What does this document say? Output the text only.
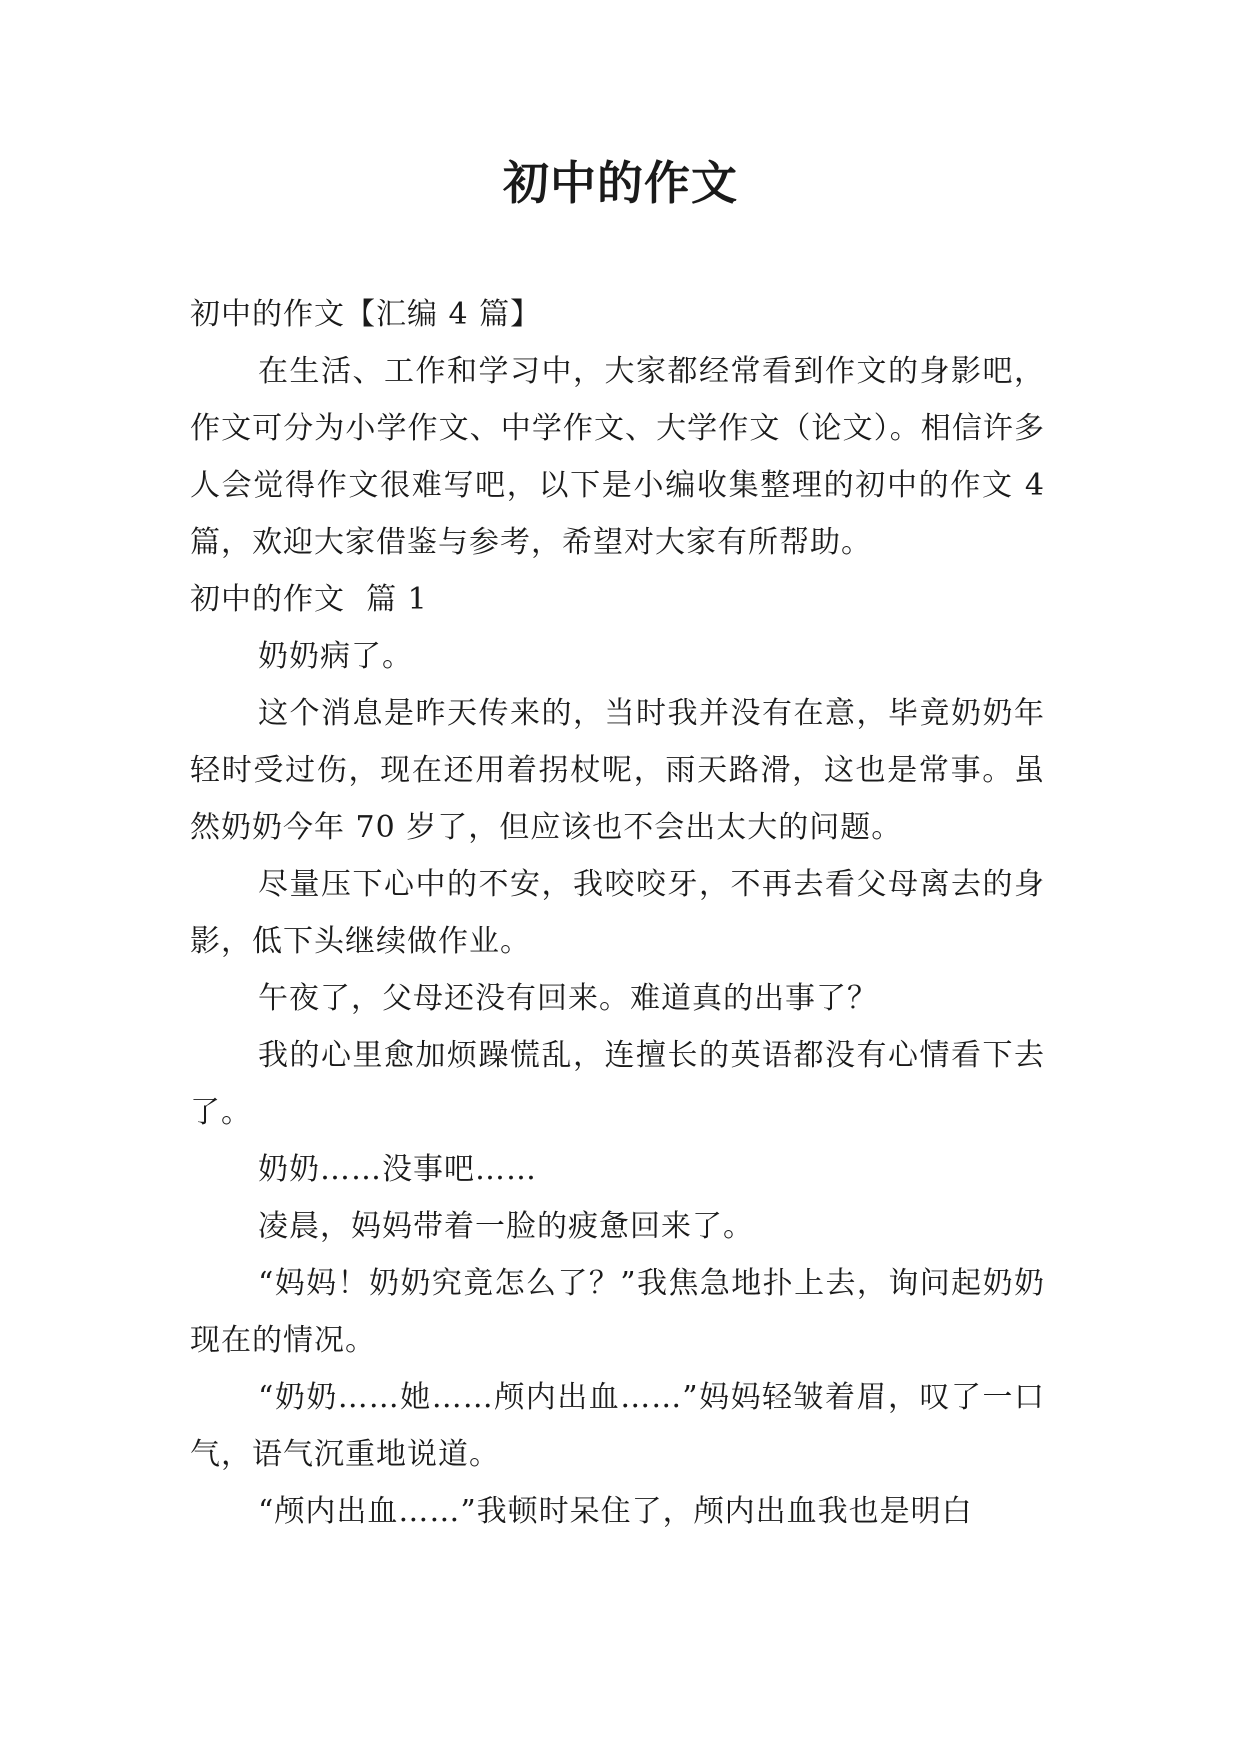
初中的作文

初中的作文【汇编 4 篇】

在生活、工作和学习中，大家都经常看到作文的身影吧，作文可分为小学作文、中学作文、大学作文（论文）。相信许多人会觉得作文很难写吧，以下是小编收集整理的初中的作文 4 篇，欢迎大家借鉴与参考，希望对大家有所帮助。

初中的作文  篇 1

奶奶病了。

这个消息是昨天传来的，当时我并没有在意，毕竟奶奶年轻时受过伤，现在还用着拐杖呢，雨天路滑，这也是常事。虽然奶奶今年 70 岁了，但应该也不会出太大的问题。

尽量压下心中的不安，我咬咬牙，不再去看父母离去的身影，低下头继续做作业。

午夜了，父母还没有回来。难道真的出事了？

我的心里愈加烦躁慌乱，连擅长的英语都没有心情看下去了。

奶奶……没事吧……

凌晨，妈妈带着一脸的疲惫回来了。

“妈妈！奶奶究竟怎么了？”我焦急地扑上去，询问起奶奶现在的情况。

“奶奶……她……颅内出血……”妈妈轻皱着眉，叹了一口气，语气沉重地说道。

“颅内出血……”我顿时呆住了，颅内出血我也是明白
